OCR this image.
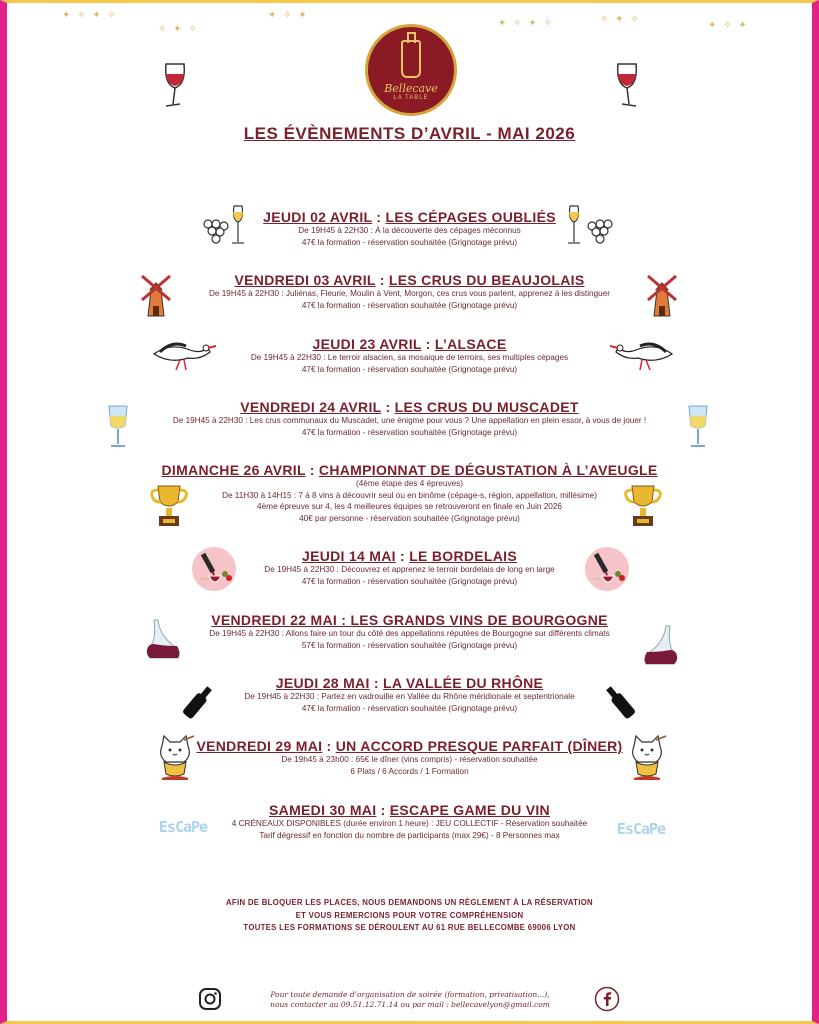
✦ ✧ ✦ ✧
✧ ✦ ✧
✦ ✧ ✦
✦ ✧ ✦ ✧	✧ ✦ ✧
✦ ✧ ✦
Bellecave
LA TABLE
LES ÉVÈNEMENTS D’AVRIL - MAI 2026
JEUDI 02 AVRIL : LES CÉPAGES OUBLIÉS
De 19H45 à 22H30 : À la découverte des cépages méconnus
47€ la formation - réservation souhaitée (Grignotage prévu)
VENDREDI 03 AVRIL : LES CRUS DU BEAUJOLAIS
De 19H45 à 22H30 : Juliénas, Fleurie, Moulin à Vent, Morgon, ces crus vous parlent, apprenez à les distinguer
47€ la formation - réservation souhaitée (Grignotage prévu)
JEUDI 23 AVRIL : L’ALSACE
De 19H45 à 22H30 : Le terroir alsacien, sa mosaique de terroirs, ses multiples cépages
47€ la formation - réservation souhaitée (Grignotage prévu)
VENDREDI 24 AVRIL : LES CRUS DU MUSCADET
De 19H45 à 22H30 : Les crus communaux du Muscadet, une énigme pour vous ? Une appellation en plein essor, à vous de jouer !
47€ la formation - réservation souhaitée (Grignotage prévu)
DIMANCHE 26 AVRIL : CHAMPIONNAT DE DÉGUSTATION À L’AVEUGLE
(4ème étape des 4 épreuves)
De 11H30 à 14H15 : 7 à 8 vins à découvrir seul ou en binôme (cépage-s, région, appellation, millésime)
4ème épreuve sur 4, les 4 meilleures équipes se retrouveront en finale en Juin 2026
40€ par personne - réservation souhaitée (Grignotage prévu)
JEUDI 14 MAI : LE BORDELAIS
De 19H45 à 22H30 : Découvrez et apprenez le terroir bordelais de long en large
47€ la formation - réservation souhaitée (Grignotage prévu)
VENDREDI 22 MAI : LES GRANDS VINS DE BOURGOGNE
De 19H45 à 22H30 : Allons faire un tour du côté des appellations réputées de Bourgogne sur différents climats
57€ la formation - réservation souhaitée (Grignotage prévu)
JEUDI 28 MAI : LA VALLÉE DU RHÔNE
De 19H45 à 22H30 : Partez en vadrouille en Vallée du Rhône méridionale et septentrionale
47€ la formation - réservation souhaitée (Grignotage prévu)
VENDREDI 29 MAI : UN ACCORD PRESQUE PARFAIT (DÎNER)
De 19h45 à 23h00 : 65€ le dîner (vins compris) - réservation souhaitée
6 Plats / 6 Accords / 1 Formation
SAMEDI 30 MAI : ESCAPE GAME DU VIN
4 CRÉNEAUX DISPONIBLES (durée environ 1 heure) : JEU COLLECTIF - Réservation souhaitée
Tarif dégressif en fonction du nombre de participants (max 29€) - 8 Personnes max
EsCaPe	EsCaPe
AFIN DE BLOQUER LES PLACES, NOUS DEMANDONS UN RÈGLEMENT À LA RÉSERVATION
ET VOUS REMERCIONS POUR VOTRE COMPRÉHENSION
TOUTES LES FORMATIONS SE DÉROULENT AU 61 RUE BELLECOMBE 69006 LYON
Pour toute demande d’organisation de soirée (formation, privatisation...),
nous contacter au 09.51.12.71.14 ou par mail : bellecavelyon@gmail.com
